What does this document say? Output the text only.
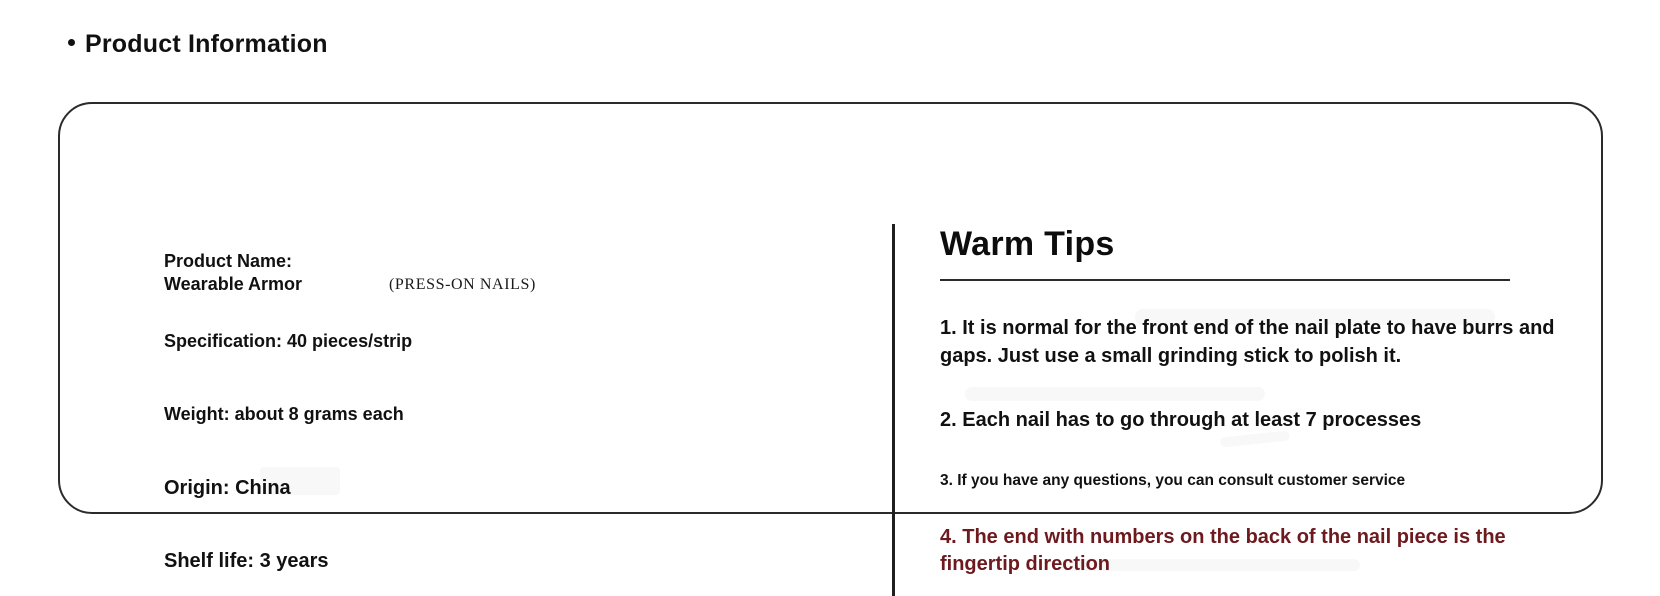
Product Information
Product Name:
Wearable Armor	(PRESS-ON NAILS)
Specification: 40 pieces/strip
Weight: about 8 grams each
Origin: China
Shelf life: 3 years
Warm Tips
1. It is normal for the front end of the nail plate to have burrs and gaps. Just use a small grinding stick to polish it.
2. Each nail has to go through at least 7 processes
3. If you have any questions, you can consult customer service
4. The end with numbers on the back of the nail piece is the fingertip direction
